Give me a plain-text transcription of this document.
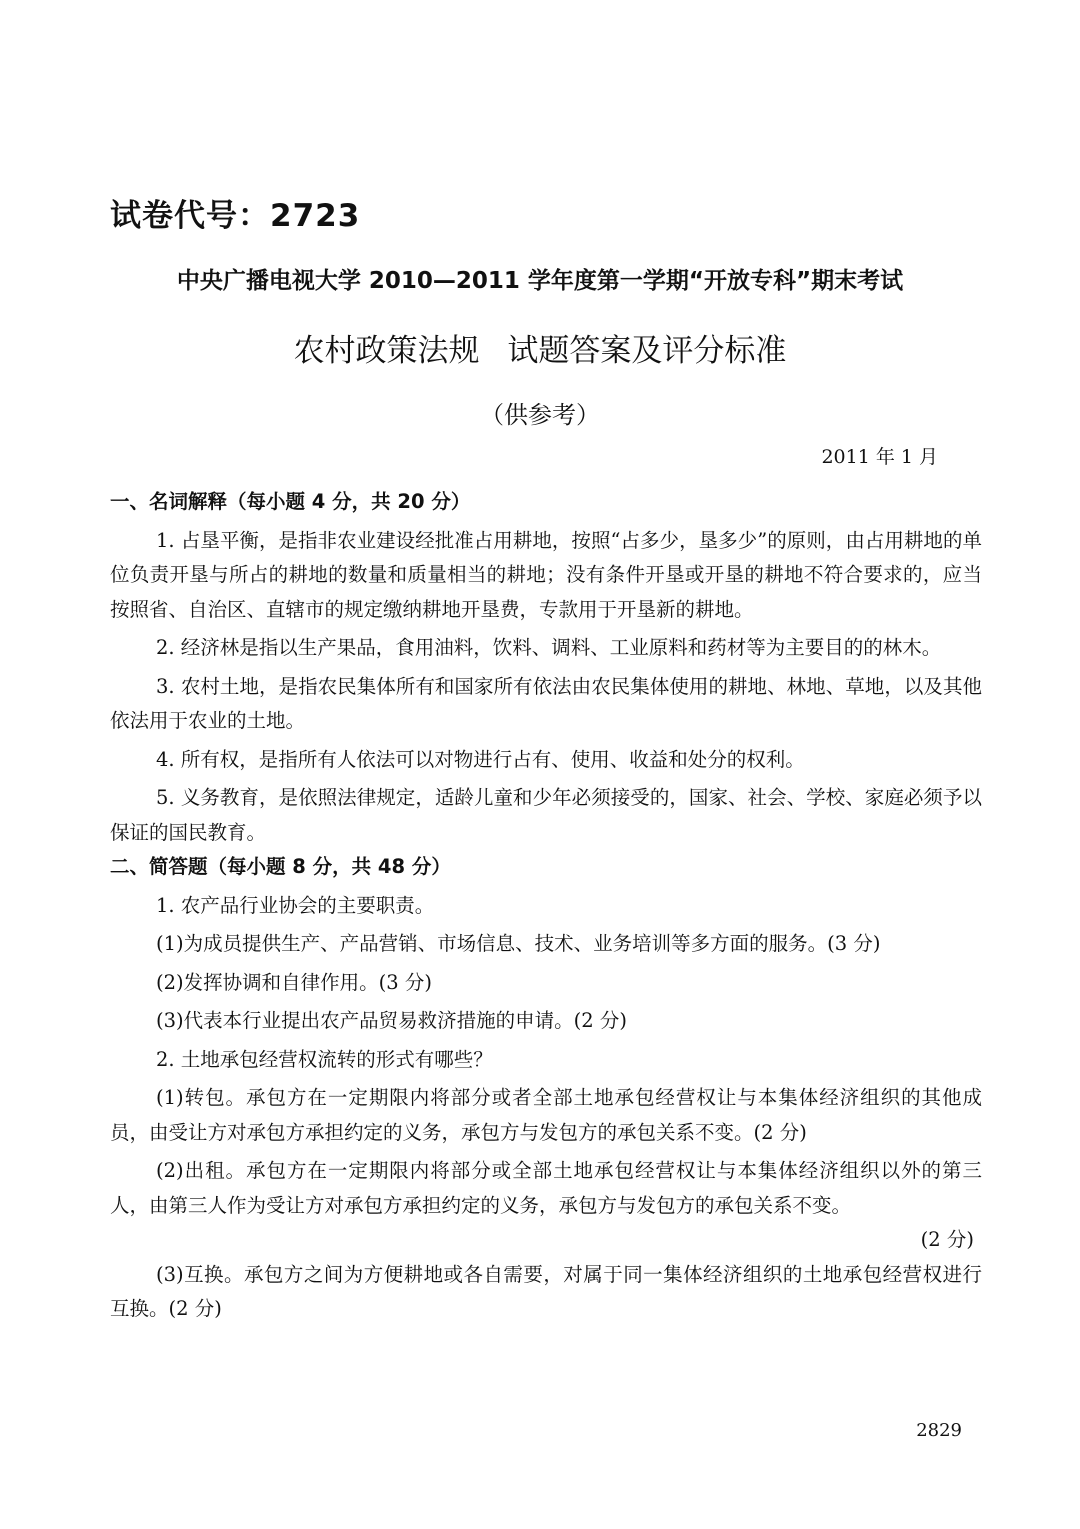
试卷代号：2723
中央广播电视大学 2010—2011 学年度第一学期“开放专科”期末考试
农村政策法规 试题答案及评分标准
（供参考）
2011 年 1 月

一、名词解释（每小题 4 分，共 20 分）

1. 占垦平衡，是指非农业建设经批准占用耕地，按照“占多少，垦多少”的原则，由占用耕地的单位负责开垦与所占的耕地的数量和质量相当的耕地；没有条件开垦或开垦的耕地不符合要求的，应当按照省、自治区、直辖市的规定缴纳耕地开垦费，专款用于开垦新的耕地。

2. 经济林是指以生产果品，食用油料，饮料、调料、工业原料和药材等为主要目的的林木。

3. 农村土地，是指农民集体所有和国家所有依法由农民集体使用的耕地、林地、草地，以及其他依法用于农业的土地。

4. 所有权，是指所有人依法可以对物进行占有、使用、收益和处分的权利。

5. 义务教育，是依照法律规定，适龄儿童和少年必须接受的，国家、社会、学校、家庭必须予以保证的国民教育。

二、简答题（每小题 8 分，共 48 分）

1. 农产品行业协会的主要职责。

(1)为成员提供生产、产品营销、市场信息、技术、业务培训等多方面的服务。(3 分)

(2)发挥协调和自律作用。(3 分)

(3)代表本行业提出农产品贸易救济措施的申请。(2 分)

2. 土地承包经营权流转的形式有哪些？

(1)转包。承包方在一定期限内将部分或者全部土地承包经营权让与本集体经济组织的其他成员，由受让方对承包方承担约定的义务，承包方与发包方的承包关系不变。(2 分)

(2)出租。承包方在一定期限内将部分或全部土地承包经营权让与本集体经济组织以外的第三人，由第三人作为受让方对承包方承担约定的义务，承包方与发包方的承包关系不变。

(2 分)

(3)互换。承包方之间为方便耕地或各自需要，对属于同一集体经济组织的土地承包经营权进行互换。(2 分)

2829
